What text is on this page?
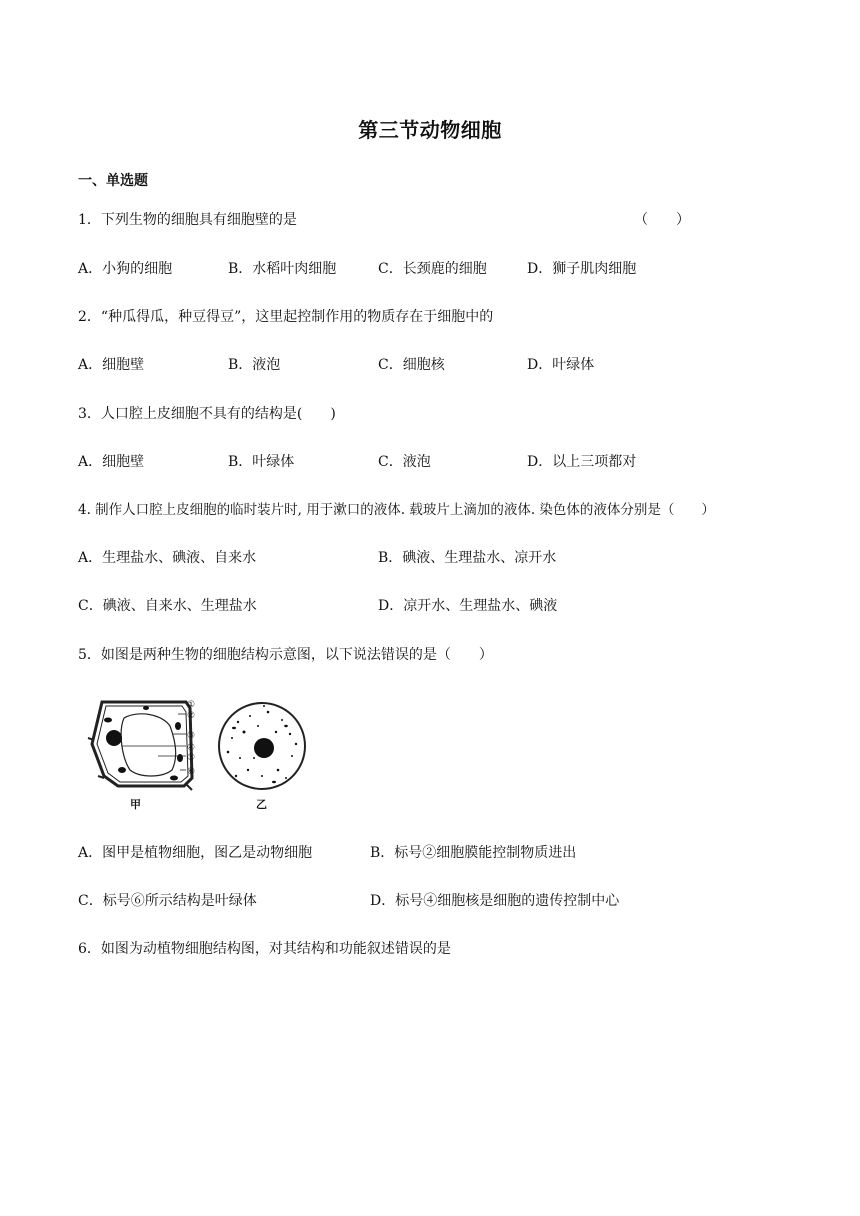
第三节动物细胞
一、单选题
1．下列生物的细胞具有细胞壁的是	（　　）
A．小狗的细胞	B．水稻叶肉细胞	C．长颈鹿的细胞	D．狮子肌肉细胞
2．“种瓜得瓜，种豆得豆”，这里起控制作用的物质存在于细胞中的
A．细胞壁	B．液泡	C．细胞核	D．叶绿体
3．人口腔上皮细胞不具有的结构是(　　)
A．细胞壁	B．叶绿体	C．液泡	D．以上三项都对
4. 制作人口腔上皮细胞的临时装片时, 用于漱口的液体. 载玻片上滴加的液体. 染色体的液体分别是（　　）
A．生理盐水、碘液、自来水	B．碘液、生理盐水、凉开水
C．碘液、自来水、生理盐水	D．凉开水、生理盐水、碘液
5．如图是两种生物的细胞结构示意图，以下说法错误的是（　　）
①
②
③
④
⑤
⑥
甲	乙
A．图甲是植物细胞，图乙是动物细胞	B．标号②细胞膜能控制物质进出
C．标号⑥所示结构是叶绿体	D．标号④细胞核是细胞的遗传控制中心
6．如图为动植物细胞结构图，对其结构和功能叙述错误的是
